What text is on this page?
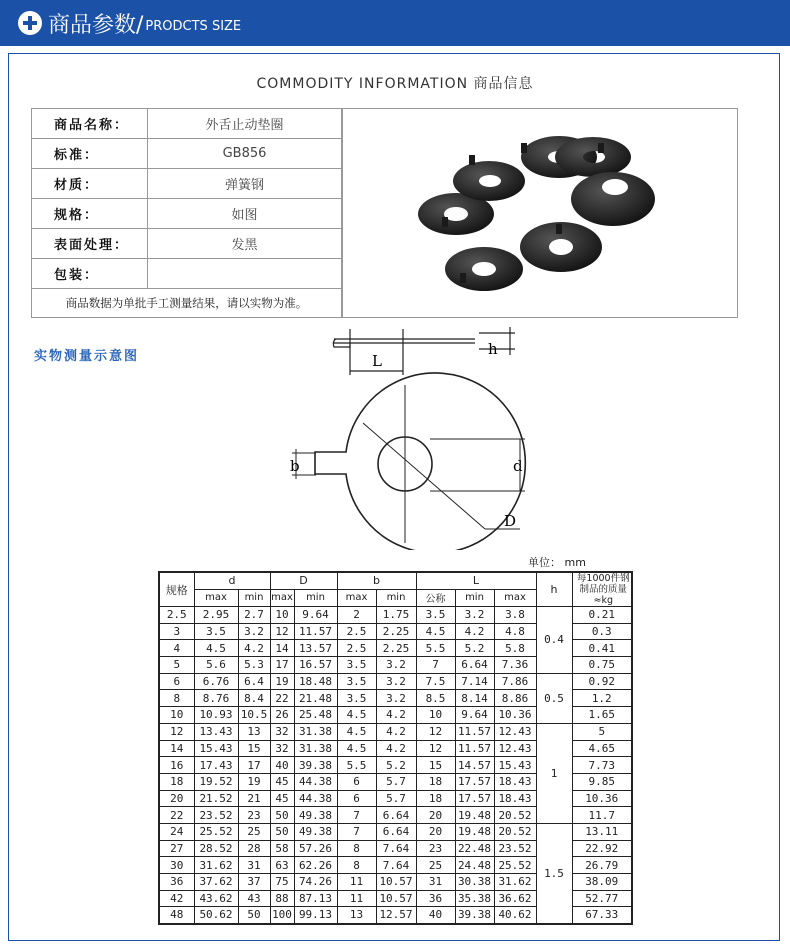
商品参数/ PRODCTS SIZE
COMMODITY INFORMATION 商品信息
商品名称：	外舌止动垫圈
标准：	GB856
材质：	弹簧钢
规格：	如图
表面处理：	发黑
包装：	
商品数据为单批手工测量结果，请以实物为准。	
实物测量示意图	L
h
b	d
D
单位： mm
规格	d		D		b		L			h	每1000件钢制品的质量 ≈kg
	max	min	max	min	max	min	公称	min	max		
2.5	2.95	2.7	10	9.64	2	1.75	3.5	3.2	3.8	0.4	0.21
3	3.5	3.2	12	11.57	2.5	2.25	4.5	4.2	4.8		0.3
4	4.5	4.2	14	13.57	2.5	2.25	5.5	5.2	5.8		0.41
5	5.6	5.3	17	16.57	3.5	3.2	7	6.64	7.36		0.75
6	6.76	6.4	19	18.48	3.5	3.2	7.5	7.14	7.86	0.5	0.92
8	8.76	8.4	22	21.48	3.5	3.2	8.5	8.14	8.86		1.2
10	10.93	10.5	26	25.48	4.5	4.2	10	9.64	10.36		1.65
12	13.43	13	32	31.38	4.5	4.2	12	11.57	12.43	1	5
14	15.43	15	32	31.38	4.5	4.2	12	11.57	12.43		4.65
16	17.43	17	40	39.38	5.5	5.2	15	14.57	15.43		7.73
18	19.52	19	45	44.38	6	5.7	18	17.57	18.43		9.85
20	21.52	21	45	44.38	6	5.7	18	17.57	18.43		10.36
22	23.52	23	50	49.38	7	6.64	20	19.48	20.52		11.7
24	25.52	25	50	49.38	7	6.64	20	19.48	20.52	1.5	13.11
27	28.52	28	58	57.26	8	7.64	23	22.48	23.52		22.92
30	31.62	31	63	62.26	8	7.64	25	24.48	25.52		26.79
36	37.62	37	75	74.26	11	10.57	31	30.38	31.62		38.09
42	43.62	43	88	87.13	11	10.57	36	35.38	36.62		52.77
48	50.62	50	100	99.13	13	12.57	40	39.38	40.62		67.33
